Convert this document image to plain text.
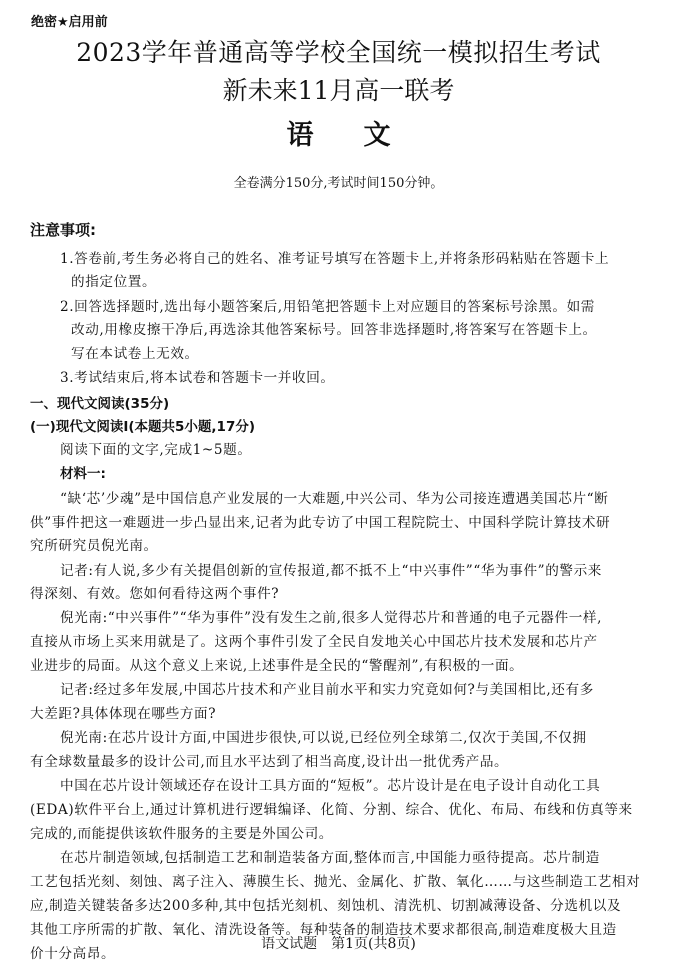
绝密★启用前
2023学年普通高等学校全国统一模拟招生考试
新未来11月高一联考
语 文
全卷满分150分,考试时间150分钟。
注意事项:
1.答卷前,考生务必将自己的姓名、准考证号填写在答题卡上,并将条形码粘贴在答题卡上
的指定位置。
2.回答选择题时,选出每小题答案后,用铅笔把答题卡上对应题目的答案标号涂黑。如需
改动,用橡皮擦干净后,再选涂其他答案标号。回答非选择题时,将答案写在答题卡上。
写在本试卷上无效。
3.考试结束后,将本试卷和答题卡一并收回。
一、现代文阅读(35分)
(一)现代文阅读Ⅰ(本题共5小题,17分)
阅读下面的文字,完成1~5题。
材料一:
“缺‘芯’少魂”是中国信息产业发展的一大难题,中兴公司、华为公司接连遭遇美国芯片“断
供”事件把这一难题进一步凸显出来,记者为此专访了中国工程院院士、中国科学院计算技术研
究所研究员倪光南。
记者:有人说,多少有关提倡创新的宣传报道,都不抵不上“中兴事件”“华为事件”的警示来
得深刻、有效。您如何看待这两个事件?
倪光南:“中兴事件”“华为事件”没有发生之前,很多人觉得芯片和普通的电子元器件一样,
直接从市场上买来用就是了。这两个事件引发了全民自发地关心中国芯片技术发展和芯片产
业进步的局面。从这个意义上来说,上述事件是全民的“警醒剂”,有积极的一面。
记者:经过多年发展,中国芯片技术和产业目前水平和实力究竟如何?与美国相比,还有多
大差距?具体体现在哪些方面?
倪光南:在芯片设计方面,中国进步很快,可以说,已经位列全球第二,仅次于美国,不仅拥
有全球数量最多的设计公司,而且水平达到了相当高度,设计出一批优秀产品。
中国在芯片设计领域还存在设计工具方面的“短板”。芯片设计是在电子设计自动化工具
(EDA)软件平台上,通过计算机进行逻辑编译、化简、分割、综合、优化、布局、布线和仿真等来
完成的,而能提供该软件服务的主要是外国公司。
在芯片制造领域,包括制造工艺和制造装备方面,整体而言,中国能力亟待提高。芯片制造
工艺包括光刻、刻蚀、离子注入、薄膜生长、抛光、金属化、扩散、氧化……与这些制造工艺相对
应,制造关键装备多达200多种,其中包括光刻机、刻蚀机、清洗机、切割减薄设备、分选机以及
其他工序所需的扩散、氧化、清洗设备等。每种装备的制造技术要求都很高,制造难度极大且造
价十分高昂。
语文试题　第1页(共8页)
